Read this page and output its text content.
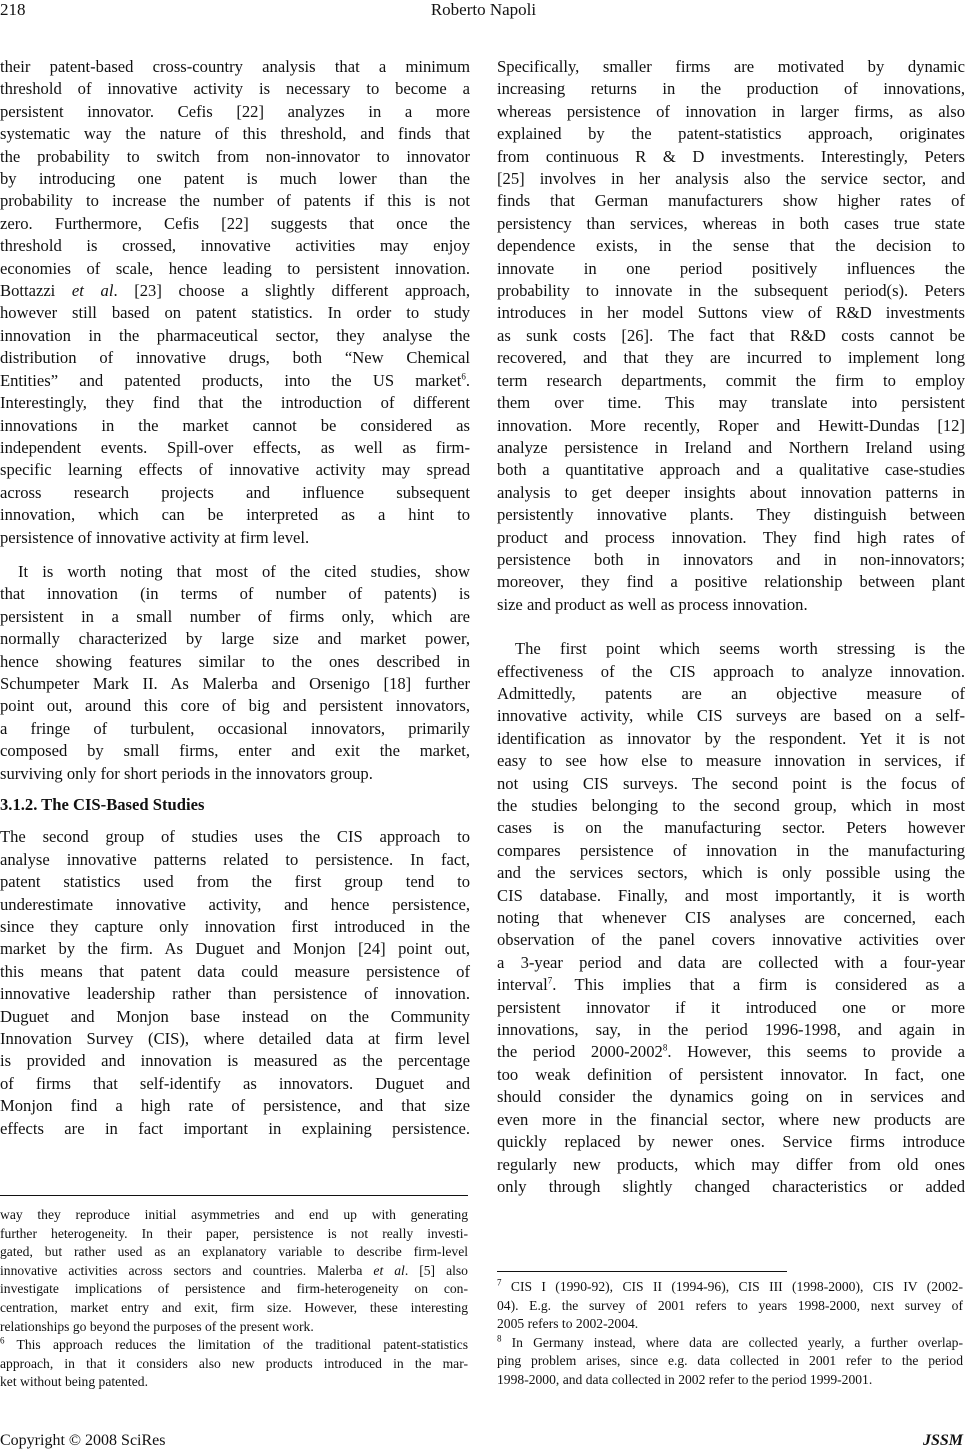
218	Roberto Napoli

their patent-based cross-country analysis that a minimum

threshold of innovative activity is necessary to become a

persistent innovator. Cefis [22] analyzes in a more

systematic way the nature of this threshold, and finds that

the probability to switch from non-innovator to innovator

by introducing one patent is much lower than the

probability to increase the number of patents if this is not

zero. Furthermore, Cefis [22] suggests that once the

threshold is crossed, innovative activities may enjoy

economies of scale, hence leading to persistent innovation.

Bottazzi et al. [23] choose a slightly different approach,

however still based on patent statistics. In order to study

innovation in the pharmaceutical sector, they analyse the

distribution of innovative drugs, both “New Chemical

Entities” and patented products, into the US market$^6$.

Interestingly, they find that the introduction of different

innovations in the market cannot be considered as

independent events. Spill-over effects, as well as firm-

specific learning effects of innovative activity may spread

across research projects and influence subsequent

innovation, which can be interpreted as a hint to

persistence of innovative activity at firm level.

It is worth noting that most of the cited studies, show

that innovation (in terms of number of patents) is

persistent in a small number of firms only, which are

normally characterized by large size and market power,

hence showing features similar to the ones described in

Schumpeter Mark II. As Malerba and Orsenigo [18] further

point out, around this core of big and persistent innovators,

a fringe of turbulent, occasional innovators, primarily

composed by small firms, enter and exit the market,

surviving only for short periods in the innovators group.

3.1.2. The CIS-Based Studies

The second group of studies uses the CIS approach to

analyse innovative patterns related to persistence. In fact,

patent statistics used from the first group tend to

underestimate innovative activity, and hence persistence,

since they capture only innovation first introduced in the

market by the firm. As Duguet and Monjon [24] point out,

this means that patent data could measure persistence of

innovative leadership rather than persistence of innovation.

Duguet and Monjon base instead on the Community

Innovation Survey (CIS), where detailed data at firm level

is provided and innovation is measured as the percentage

of firms that self-identify as innovators. Duguet and

Monjon find a high rate of persistence, and that size

effects are in fact important in explaining persistence.

way they reproduce initial asymmetries and end up with generating

further heterogeneity. In their paper, persistence is not really investi-

gated, but rather used as an explanatory variable to describe firm-level

innovative activities across sectors and countries. Malerba et al. [5] also

investigate implications of persistence and firm-heterogeneity on con-

centration, market entry and exit, firm size. However, these interesting

relationships go beyond the purposes of the present work.

$^6$ This approach reduces the limitation of the traditional patent-statistics

approach, in that it considers also new products introduced in the mar-

ket without being patented.

Specifically, smaller firms are motivated by dynamic

increasing returns in the production of innovations,

whereas persistence of innovation in larger firms, as also

explained by the patent-statistics approach, originates

from continuous R & D investments. Interestingly, Peters

[25] involves in her analysis also the service sector, and

finds that German manufacturers show higher rates of

persistency than services, whereas in both cases true state

dependence exists, in the sense that the decision to

innovate in one period positively influences the

probability to innovate in the subsequent period(s). Peters

introduces in her model Suttons view of R&D investments

as sunk costs [26]. The fact that R&D costs cannot be

recovered, and that they are incurred to implement long

term research departments, commit the firm to employ

them over time. This may translate into persistent

innovation. More recently, Roper and Hewitt-Dundas [12]

analyze persistence in Ireland and Northern Ireland using

both a quantitative approach and a qualitative case-studies

analysis to get deeper insights about innovation patterns in

persistently innovative plants. They distinguish between

product and process innovation. They find high rates of

persistence both in innovators and in non-innovators;

moreover, they find a positive relationship between plant

size and product as well as process innovation.

The first point which seems worth stressing is the

effectiveness of the CIS approach to analyze innovation.

Admittedly, patents are an objective measure of

innovative activity, while CIS surveys are based on a self-

identification as innovator by the respondent. Yet it is not

easy to see how else to measure innovation in services, if

not using CIS surveys. The second point is the focus of

the studies belonging to the second group, which in most

cases is on the manufacturing sector. Peters however

compares persistence of innovation in the manufacturing

and the services sectors, which is only possible using the

CIS database. Finally, and most importantly, it is worth

noting that whenever CIS analyses are concerned, each

observation of the panel covers innovative activities over

a 3-year period and data are collected with a four-year

interval$^7$. This implies that a firm is considered as a

persistent innovator if it introduced one or more

innovations, say, in the period 1996-1998, and again in

the period 2000-2002$^8$. However, this seems to provide a

too weak definition of persistent innovator. In fact, one

should consider the dynamics going on in services and

even more in the financial sector, where new products are

quickly replaced by newer ones. Service firms introduce

regularly new products, which may differ from old ones

only through slightly changed characteristics or added

$^7$ CIS I (1990-92), CIS II (1994-96), CIS III (1998-2000), CIS IV (2002-

04). E.g. the survey of 2001 refers to years 1998-2000, next survey of

2005 refers to 2002-2004.

$^8$ In Germany instead, where data are collected yearly, a further overlap-

ping problem arises, since e.g. data collected in 2001 refer to the period

1998-2000, and data collected in 2002 refer to the period 1999-2001.

Copyright © 2008 SciRes	JSSM
